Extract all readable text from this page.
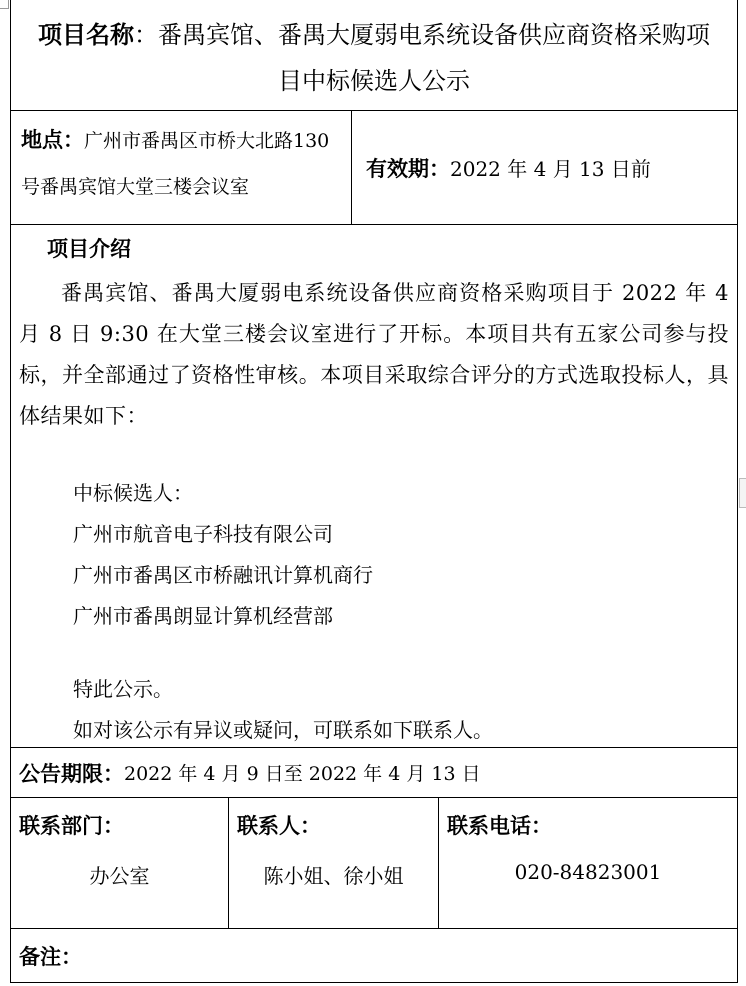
项目名称：番禺宾馆、番禺大厦弱电系统设备供应商资格采购项目中标候选人公示
地点：广州市番禺区市桥大北路130号番禺宾馆大堂三楼会议室
有效期： 2022 年 4 月 13 日前
项目介绍
番禺宾馆、番禺大厦弱电系统设备供应商资格采购项目于 2022 年 4 月 8 日 9:30 在大堂三楼会议室进行了开标。本项目共有五家公司参与投标，并全部通过了资格性审核。本项目采取综合评分的方式选取投标人，具体结果如下：
中标候选人：
广州市航音电子科技有限公司
广州市番禺区市桥融讯计算机商行
广州市番禺朗显计算机经营部
特此公示。
如对该公示有异议或疑问，可联系如下联系人。
公告期限： 2022 年 4 月 9 日至 2022 年 4 月 13 日
联系部门：
办公室
联系人：
陈小姐、徐小姐
联系电话：
020-84823001
备注：
